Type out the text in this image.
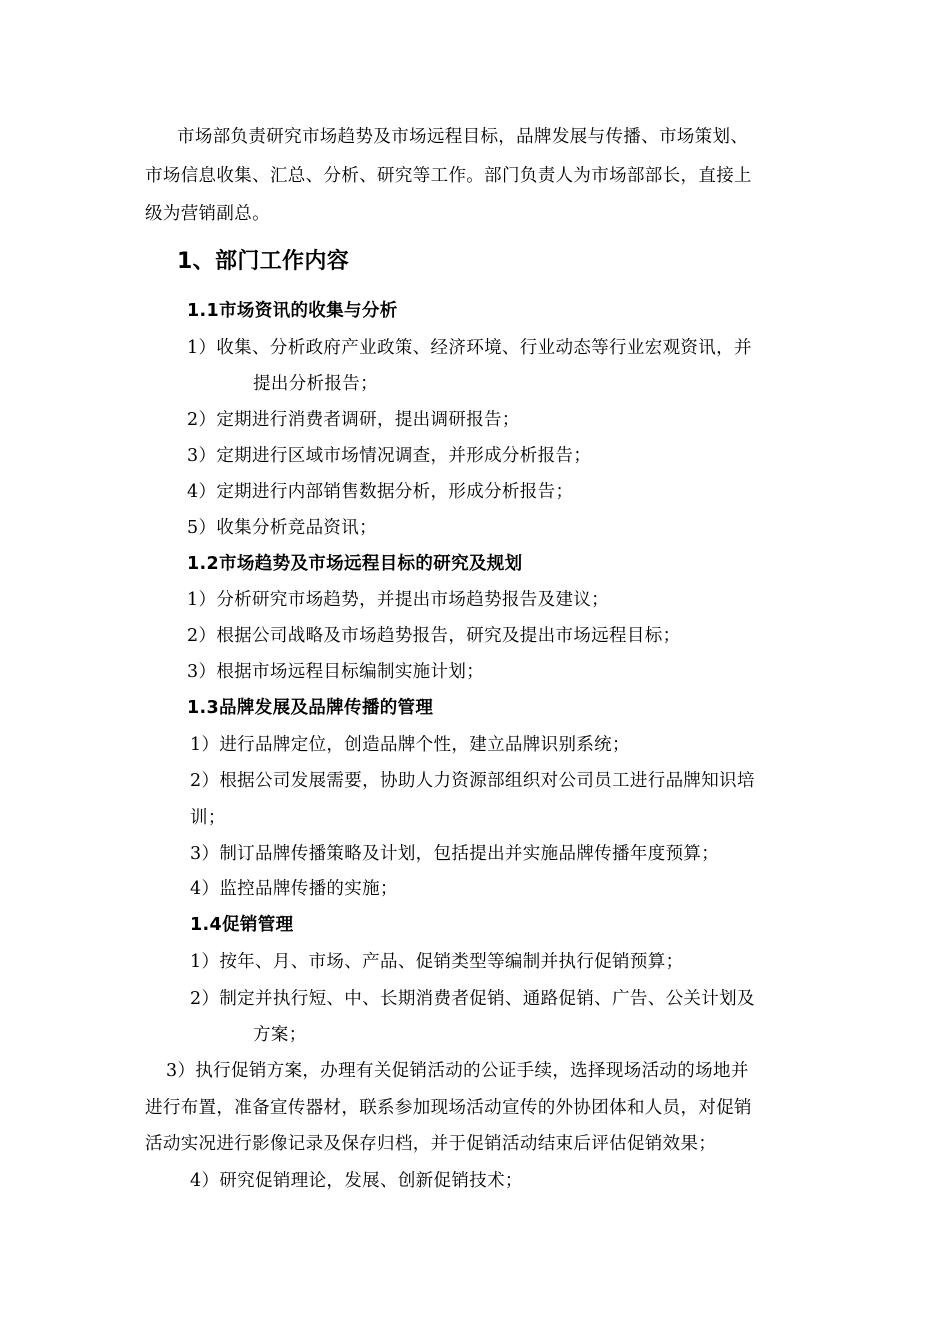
市场部负责研究市场趋势及市场远程目标，品牌发展与传播、市场策划、
市场信息收集、汇总、分析、研究等工作。部门负责人为市场部部长，直接上
级为营销副总。
1、部门工作内容
1.1市场资讯的收集与分析
1）收集、分析政府产业政策、经济环境、行业动态等行业宏观资讯，并
提出分析报告；
2）定期进行消费者调研，提出调研报告；
3）定期进行区域市场情况调查，并形成分析报告；
4）定期进行内部销售数据分析，形成分析报告；
5）收集分析竞品资讯；
1.2市场趋势及市场远程目标的研究及规划
1）分析研究市场趋势，并提出市场趋势报告及建议；
2）根据公司战略及市场趋势报告，研究及提出市场远程目标；
3）根据市场远程目标编制实施计划；
1.3品牌发展及品牌传播的管理
1）进行品牌定位，创造品牌个性，建立品牌识别系统；
2）根据公司发展需要，协助人力资源部组织对公司员工进行品牌知识培
训；
3）制订品牌传播策略及计划，包括提出并实施品牌传播年度预算；
4）监控品牌传播的实施；
1.4促销管理
1）按年、月、市场、产品、促销类型等编制并执行促销预算；
2）制定并执行短、中、长期消费者促销、通路促销、广告、公关计划及
方案；
3）执行促销方案，办理有关促销活动的公证手续，选择现场活动的场地并
进行布置，准备宣传器材，联系参加现场活动宣传的外协团体和人员，对促销
活动实况进行影像记录及保存归档，并于促销活动结束后评估促销效果；
4）研究促销理论，发展、创新促销技术；
